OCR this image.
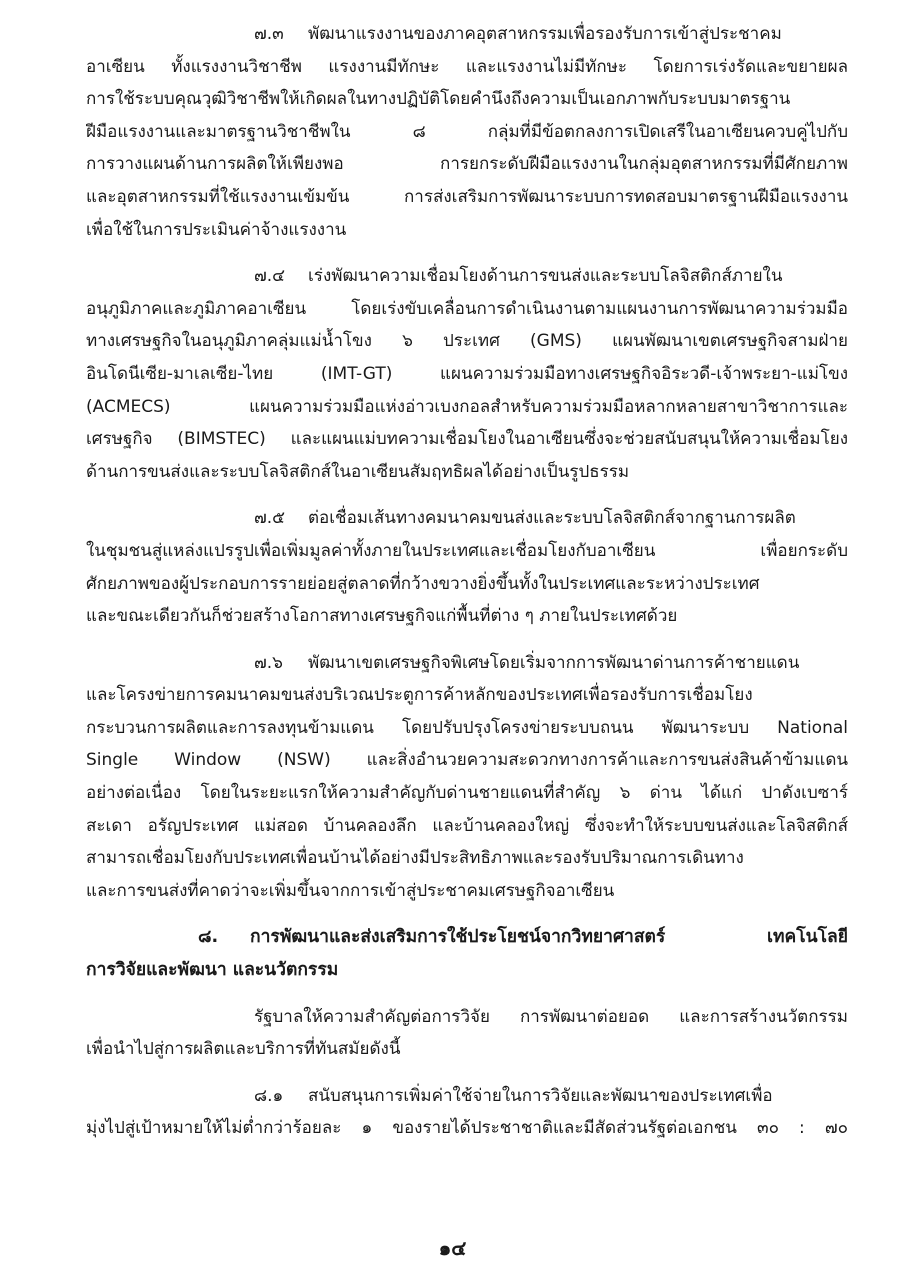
๗.๓ พัฒนาแรงงานของภาคอุตสาหกรรมเพื่อรองรับการเข้าสู่ประชาคม
อาเซียน ทั้งแรงงานวิชาชีพ แรงงานมีทักษะ และแรงงานไม่มีทักษะ โดยการเร่งรัดและขยายผล
การใช้ระบบคุณวุฒิวิชาชีพให้เกิดผลในทางปฏิบัติโดยคำนึงถึงความเป็นเอกภาพกับระบบมาตรฐาน
ฝีมือแรงงานและมาตรฐานวิชาชีพใน ๘ กลุ่มที่มีข้อตกลงการเปิดเสรีในอาเซียนควบคู่ไปกับ
การวางแผนด้านการผลิตให้เพียงพอ การยกระดับฝีมือแรงงานในกลุ่มอุตสาหกรรมที่มีศักยภาพ
และอุตสาหกรรมที่ใช้แรงงานเข้มข้น การส่งเสริมการพัฒนาระบบการทดสอบมาตรฐานฝีมือแรงงาน
เพื่อใช้ในการประเมินค่าจ้างแรงงาน
๗.๔ เร่งพัฒนาความเชื่อมโยงด้านการขนส่งและระบบโลจิสติกส์ภายใน
อนุภูมิภาคและภูมิภาคอาเซียน โดยเร่งขับเคลื่อนการดำเนินงานตามแผนงานการพัฒนาความร่วมมือ
ทางเศรษฐกิจในอนุภูมิภาคลุ่มแม่น้ำโขง ๖ ประเทศ (GMS) แผนพัฒนาเขตเศรษฐกิจสามฝ่าย
อินโดนีเซีย-มาเลเซีย-ไทย (IMT-GT) แผนความร่วมมือทางเศรษฐกิจอิระวดี-เจ้าพระยา-แม่โขง
(ACMECS) แผนความร่วมมือแห่งอ่าวเบงกอลสำหรับความร่วมมือหลากหลายสาขาวิชาการและ
เศรษฐกิจ (BIMSTEC) และแผนแม่บทความเชื่อมโยงในอาเซียนซึ่งจะช่วยสนับสนุนให้ความเชื่อมโยง
ด้านการขนส่งและระบบโลจิสติกส์ในอาเซียนสัมฤทธิผลได้อย่างเป็นรูปธรรม
๗.๕ ต่อเชื่อมเส้นทางคมนาคมขนส่งและระบบโลจิสติกส์จากฐานการผลิต
ในชุมชนสู่แหล่งแปรรูปเพื่อเพิ่มมูลค่าทั้งภายในประเทศและเชื่อมโยงกับอาเซียน เพื่อยกระดับ
ศักยภาพของผู้ประกอบการรายย่อยสู่ตลาดที่กว้างขวางยิ่งขึ้นทั้งในประเทศและระหว่างประเทศ
และขณะเดียวกันก็ช่วยสร้างโอกาสทางเศรษฐกิจแก่พื้นที่ต่าง ๆ ภายในประเทศด้วย
๗.๖ พัฒนาเขตเศรษฐกิจพิเศษโดยเริ่มจากการพัฒนาด่านการค้าชายแดน
และโครงข่ายการคมนาคมขนส่งบริเวณประตูการค้าหลักของประเทศเพื่อรองรับการเชื่อมโยง
กระบวนการผลิตและการลงทุนข้ามแดน โดยปรับปรุงโครงข่ายระบบถนน พัฒนาระบบ National
Single Window (NSW) และสิ่งอำนวยความสะดวกทางการค้าและการขนส่งสินค้าข้ามแดน
อย่างต่อเนื่อง โดยในระยะแรกให้ความสำคัญกับด่านชายแดนที่สำคัญ ๖ ด่าน ได้แก่ ปาดังเบซาร์
สะเดา อรัญประเทศ แม่สอด บ้านคลองลึก และบ้านคลองใหญ่ ซึ่งจะทำให้ระบบขนส่งและโลจิสติกส์
สามารถเชื่อมโยงกับประเทศเพื่อนบ้านได้อย่างมีประสิทธิภาพและรองรับปริมาณการเดินทาง
และการขนส่งที่คาดว่าจะเพิ่มขึ้นจากการเข้าสู่ประชาคมเศรษฐกิจอาเซียน
๘. การพัฒนาและส่งเสริมการใช้ประโยชน์จากวิทยาศาสตร์ เทคโนโลยี
การวิจัยและพัฒนา และนวัตกรรม
รัฐบาลให้ความสำคัญต่อการวิจัย การพัฒนาต่อยอด และการสร้างนวัตกรรม
เพื่อนำไปสู่การผลิตและบริการที่ทันสมัยดังนี้
๘.๑ สนับสนุนการเพิ่มค่าใช้จ่ายในการวิจัยและพัฒนาของประเทศเพื่อ
มุ่งไปสู่เป้าหมายให้ไม่ต่ำกว่าร้อยละ ๑ ของรายได้ประชาชาติและมีสัดส่วนรัฐต่อเอกชน ๓๐ : ๗๐
๑๔
